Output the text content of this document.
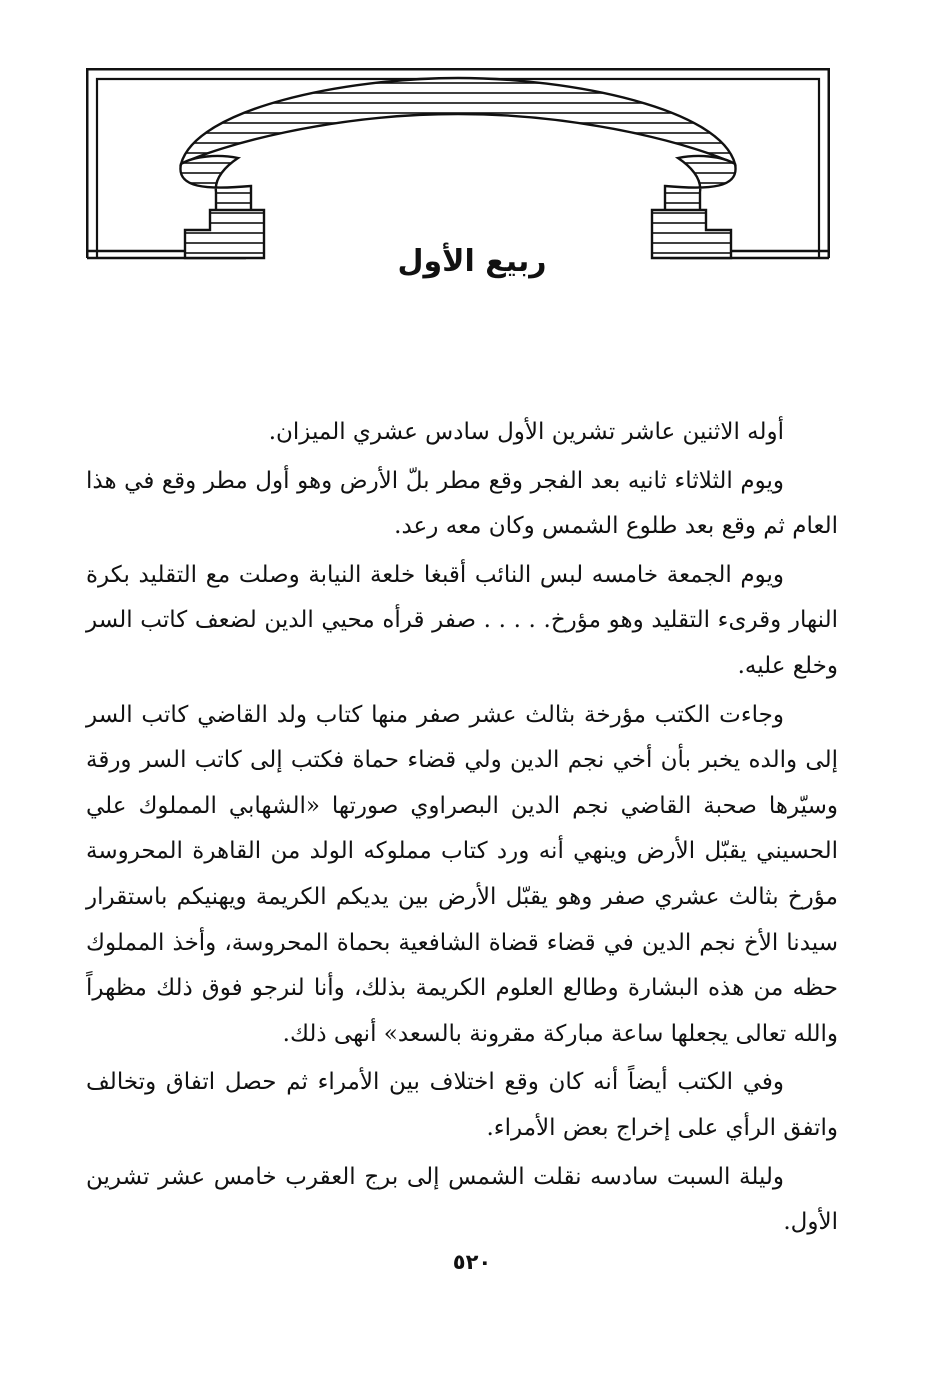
ربيع الأول

أوله الاثنين عاشر تشرين الأول سادس عشري الميزان.

ويوم الثلاثاء ثانيه بعد الفجر وقع مطر بلّ الأرض وهو أول مطر وقع في هذا العام ثم وقع بعد طلوع الشمس وكان معه رعد.

ويوم الجمعة خامسه لبس النائب أقبغا خلعة النيابة وصلت مع التقليد بكرة النهار وقرىء التقليد وهو مؤرخ. . . . . صفر قرأه محيي الدين لضعف كاتب السر وخلع عليه.

وجاءت الكتب مؤرخة بثالث عشر صفر منها كتاب ولد القاضي كاتب السر إلى والده يخبر بأن أخي نجم الدين ولي قضاء حماة فكتب إلى كاتب السر ورقة وسيّرها صحبة القاضي نجم الدين البصراوي صورتها «الشهابي المملوك علي الحسيني يقبّل الأرض وينهي أنه ورد كتاب مملوكه الولد من القاهرة المحروسة مؤرخ بثالث عشري صفر وهو يقبّل الأرض بين يديكم الكريمة ويهنيكم باستقرار سيدنا الأخ نجم الدين في قضاء قضاة الشافعية بحماة المحروسة، وأخذ المملوك حظه من هذه البشارة وطالع العلوم الكريمة بذلك، وأنا لنرجو فوق ذلك مظهراً والله تعالى يجعلها ساعة مباركة مقرونة بالسعد» أنهى ذلك.

وفي الكتب أيضاً أنه كان وقع اختلاف بين الأمراء ثم حصل اتفاق وتخالف واتفق الرأي على إخراج بعض الأمراء.

وليلة السبت سادسه نقلت الشمس إلى برج العقرب خامس عشر تشرين الأول.

٥٢٠
